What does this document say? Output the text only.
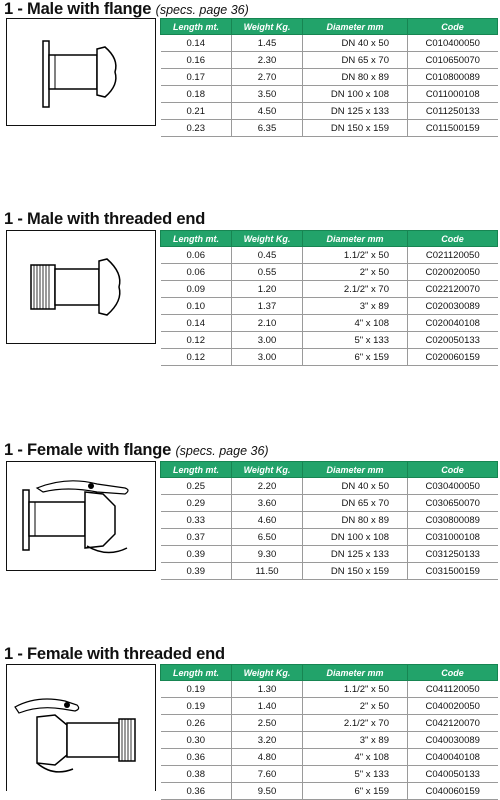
1 - Male with flange (specs. page 36)
Length mt.	Weight Kg.	Diameter mm	Code
0.14	1.45	DN 40 x 50	C010400050
0.16	2.30	DN 65 x 70	C010650070
0.17	2.70	DN 80 x 89	C010800089
0.18	3.50	DN 100 x 108	C011000108
0.21	4.50	DN 125 x 133	C011250133
0.23	6.35	DN 150 x 159	C011500159
1 - Male with threaded end
Length mt.	Weight Kg.	Diameter mm	Code
0.06	0.45	1.1/2" x 50	C021120050
0.06	0.55	2" x 50	C020020050
0.09	1.20	2.1/2" x 70	C022120070
0.10	1.37	3" x 89	C020030089
0.14	2.10	4" x 108	C020040108
0.12	3.00	5" x 133	C020050133
0.12	3.00	6" x 159	C020060159
1 - Female with flange (specs. page 36)
Length mt.	Weight Kg.	Diameter mm	Code
0.25	2.20	DN 40 x 50	C030400050
0.29	3.60	DN 65 x 70	C030650070
0.33	4.60	DN 80 x 89	C030800089
0.37	6.50	DN 100 x 108	C031000108
0.39	9.30	DN 125 x 133	C031250133
0.39	11.50	DN 150 x 159	C031500159
1 - Female with threaded end
Length mt.	Weight Kg.	Diameter mm	Code
0.19	1.30	1.1/2" x 50	C041120050
0.19	1.40	2" x 50	C040020050
0.26	2.50	2.1/2" x 70	C042120070
0.30	3.20	3" x 89	C040030089
0.36	4.80	4" x 108	C040040108
0.38	7.60	5" x 133	C040050133
0.36	9.50	6" x 159	C040060159
